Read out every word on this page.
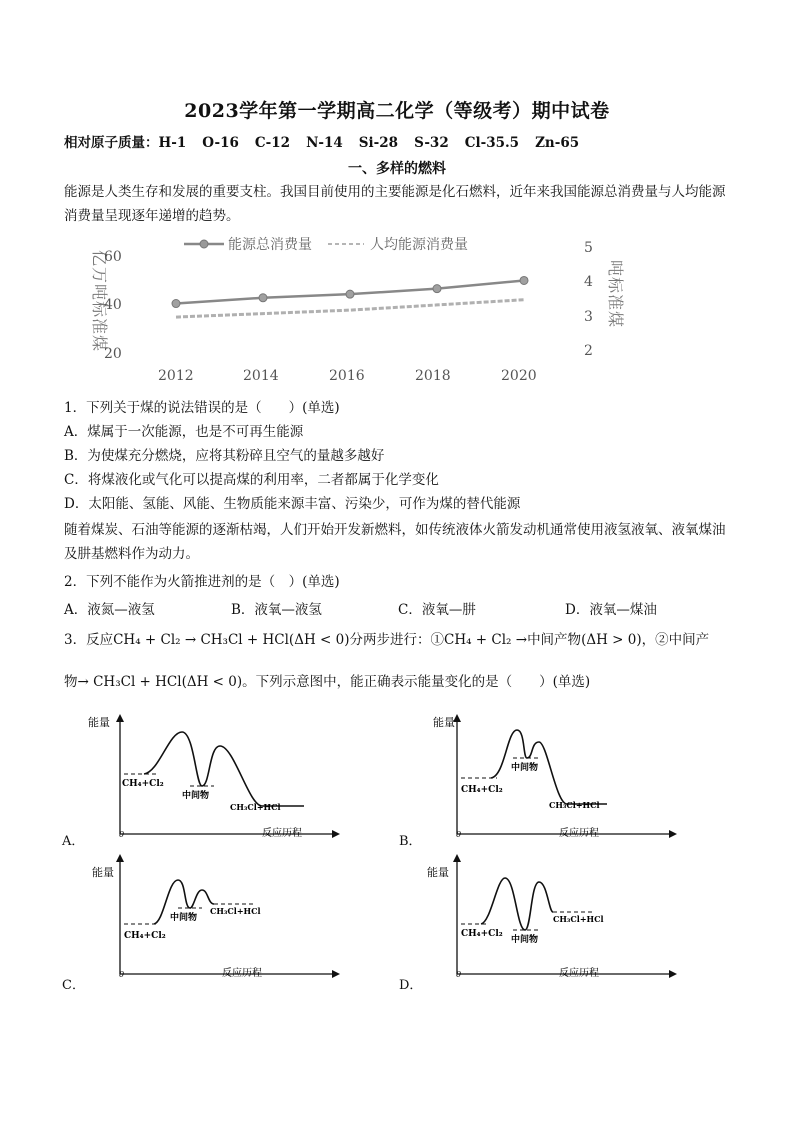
2023学年第一学期高二化学（等级考）期中试卷
相对原子质量：H-1 O-16 C-12 N-14 Si-28 S-32 Cl-35.5 Zn-65
一、多样的燃料
能源是人类生存和发展的重要支柱。我国目前使用的主要能源是化石燃料，近年来我国能源总消费量与人均能源消费量呈现逐年递增的趋势。
亿万吨标准煤	吨标准煤
60
40
20
5
4
3
2
2012	2014	2016	2018	2020
能源总消费量	人均能源消费量
1．下列关于煤的说法错误的是（　　）(单选)
A．煤属于一次能源，也是不可再生能源
B．为使煤充分燃烧，应将其粉碎且空气的量越多越好
C．将煤液化或气化可以提高煤的利用率，二者都属于化学变化
D．太阳能、氢能、风能、生物质能来源丰富、污染少，可作为煤的替代能源
随着煤炭、石油等能源的逐渐枯竭，人们开始开发新燃料，如传统液体火箭发动机通常使用液氢液氧、液氧煤油及肼基燃料作为动力。
2．下列不能作为火箭推进剂的是（　）(单选)
A．液氮—液氢	B．液氧—液氢	C．液氧—肼	D．液氧—煤油
3．反应CH₄ + Cl₂ → CH₃Cl + HCl(ΔH < 0)分两步进行：①CH₄ + Cl₂ →中间产物(ΔH > 0)，②中间产
物→ CH₃Cl + HCl(ΔH < 0)。下列示意图中，能正确表示能量变化的是（　　）(单选)
能量
0	反应历程
CH₄+Cl₂
中间物
CH₃Cl+HCl
A．
能量
0	反应历程
CH₄+Cl₂
中间物
CH₃Cl+HCl
B．
能量
0	反应历程
CH₄+Cl₂
中间物
CH₃Cl+HCl
C．
能量
0	反应历程
CH₄+Cl₂
中间物
CH₃Cl+HCl
D．
